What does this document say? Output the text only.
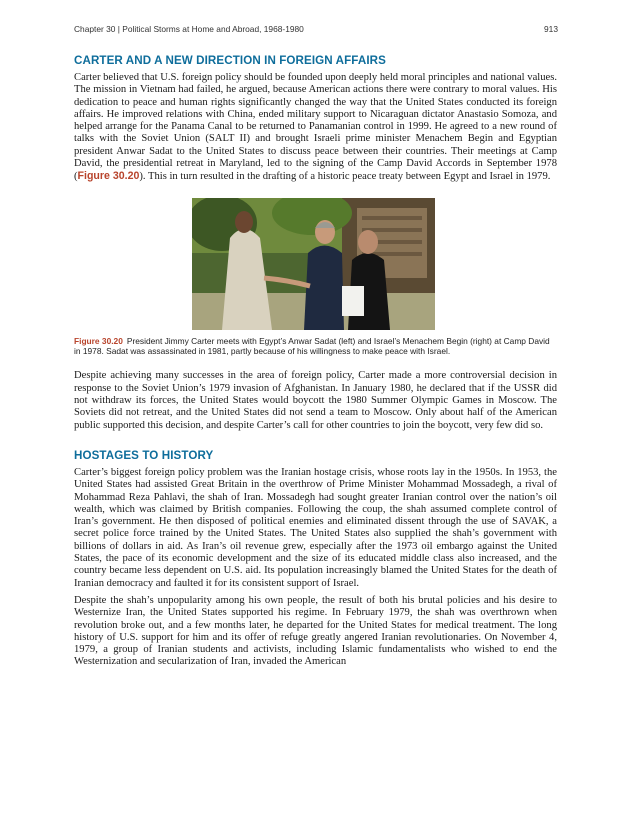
Chapter 30 | Political Storms at Home and Abroad, 1968-1980	913
CARTER AND A NEW DIRECTION IN FOREIGN AFFAIRS

Carter believed that U.S. foreign policy should be founded upon deeply held moral principles and national values. The mission in Vietnam had failed, he argued, because American actions there were contrary to moral values. His dedication to peace and human rights significantly changed the way that the United States conducted its foreign affairs. He improved relations with China, ended military support to Nicaraguan dictator Anastasio Somoza, and helped arrange for the Panama Canal to be returned to Panamanian control in 1999. He agreed to a new round of talks with the Soviet Union (SALT II) and brought Israeli prime minister Menachem Begin and Egyptian president Anwar Sadat to the United States to discuss peace between their countries. Their meetings at Camp David, the presidential retreat in Maryland, led to the signing of the Camp David Accords in September 1978 (Figure 30.20). This in turn resulted in the drafting of a historic peace treaty between Egypt and Israel in 1979.

Figure 30.20 President Jimmy Carter meets with Egypt’s Anwar Sadat (left) and Israel’s Menachem Begin (right) at Camp David in 1978. Sadat was assassinated in 1981, partly because of his willingness to make peace with Israel.

Despite achieving many successes in the area of foreign policy, Carter made a more controversial decision in response to the Soviet Union’s 1979 invasion of Afghanistan. In January 1980, he declared that if the USSR did not withdraw its forces, the United States would boycott the 1980 Summer Olympic Games in Moscow. The Soviets did not retreat, and the United States did not send a team to Moscow. Only about half of the American public supported this decision, and despite Carter’s call for other countries to join the boycott, very few did so.

HOSTAGES TO HISTORY

Carter’s biggest foreign policy problem was the Iranian hostage crisis, whose roots lay in the 1950s. In 1953, the United States had assisted Great Britain in the overthrow of Prime Minister Mohammad Mossadegh, a rival of Mohammad Reza Pahlavi, the shah of Iran. Mossadegh had sought greater Iranian control over the nation’s oil wealth, which was claimed by British companies. Following the coup, the shah assumed complete control of Iran’s government. He then disposed of political enemies and eliminated dissent through the use of SAVAK, a secret police force trained by the United States. The United States also supplied the shah’s government with billions of dollars in aid. As Iran’s oil revenue grew, especially after the 1973 oil embargo against the United States, the pace of its economic development and the size of its educated middle class also increased, and the country became less dependent on U.S. aid. Its population increasingly blamed the United States for the death of Iranian democracy and faulted it for its consistent support of Israel.

Despite the shah’s unpopularity among his own people, the result of both his brutal policies and his desire to Westernize Iran, the United States supported his regime. In February 1979, the shah was overthrown when revolution broke out, and a few months later, he departed for the United States for medical treatment. The long history of U.S. support for him and its offer of refuge greatly angered Iranian revolutionaries. On November 4, 1979, a group of Iranian students and activists, including Islamic fundamentalists who wished to end the Westernization and secularization of Iran, invaded the American
